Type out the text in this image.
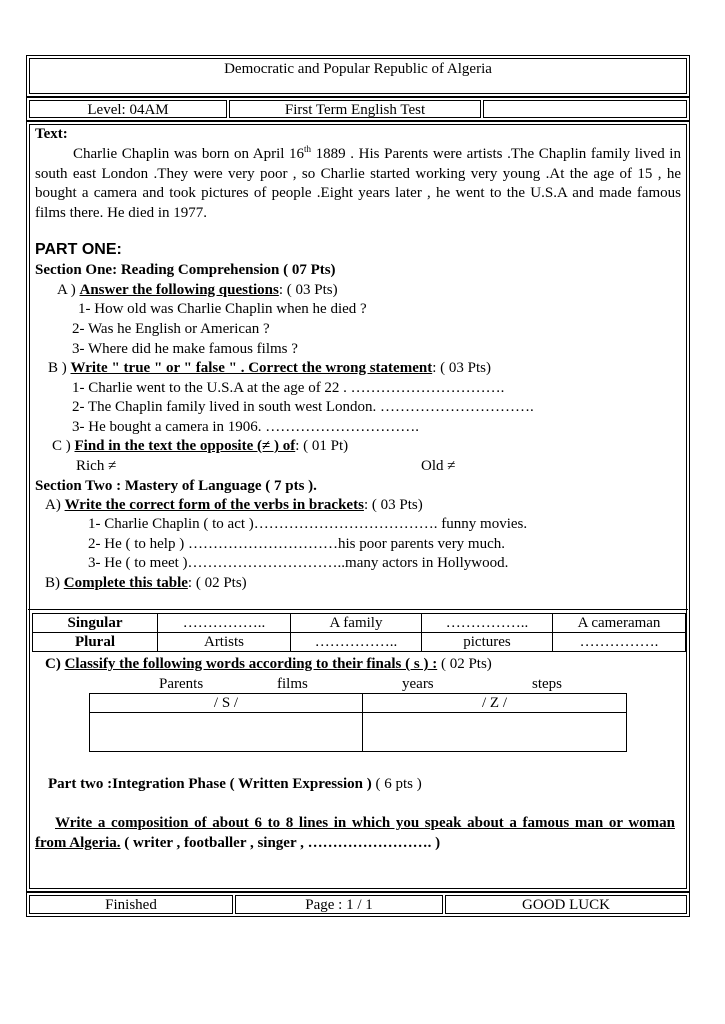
Democratic and Popular Republic of Algeria
Level: 04AM	First Term English Test
Text:
Charlie Chaplin was born on April 16th 1889 . His Parents were artists .The Chaplin family lived in south east London .They were very poor , so Charlie started working very young .At the age of 15 , he bought a camera and took pictures of people .Eight years later , he went to the U.S.A and made famous films there. He died in 1977.
PART ONE:
Section One: Reading Comprehension ( 07 Pts)
A ) Answer the following questions: ( 03 Pts)
1- How old was Charlie Chaplin when he died ?
2- Was he English or American ?
3- Where did he make famous films ?
B ) Write " true " or " false " . Correct the wrong statement: ( 03 Pts)
1- Charlie went to the U.S.A at the age of 22 . ………………………….
2- The Chaplin family lived in south west London. ………………………….
3- He bought a camera in 1906. ………………………….
C ) Find in the text the opposite (≠ ) of: ( 01 Pt)
Rich ≠	Old ≠
Section Two : Mastery of Language ( 7 pts ).
A) Write the correct form of the verbs in brackets: ( 03 Pts)
1- Charlie Chaplin ( to act )………………………………. funny movies.
2- He ( to help ) …………………………his poor parents very much.
3- He ( to meet )…………………………..many actors in Hollywood.
B) Complete this table: ( 02 Pts)
Singular	……………..	A family	……………..	A cameraman
Plural	Artists	……………..	pictures	…………….
C) Classify the following words according to their finals ( s ) : ( 02 Pts)
Parents	films	years	steps
/ S /	/ Z /

Part two :Integration Phase ( Written Expression ) ( 6 pts )
Write a composition of about 6 to 8 lines in which you speak about a famous man or woman from Algeria. ( writer , footballer , singer , ……………………. )
Finished	Page : 1 / 1	GOOD LUCK
